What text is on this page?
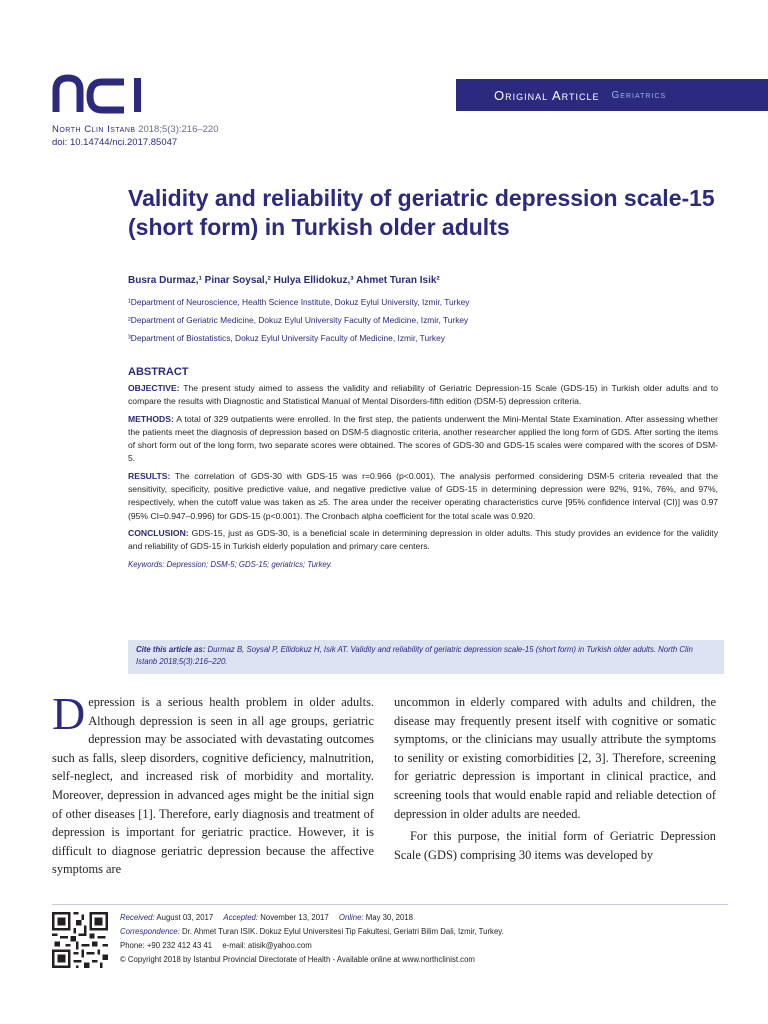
Original Article Geriatrics
North Clin Istanb 2018;5(3):216–220
doi: 10.14744/nci.2017.85047
Validity and reliability of geriatric depression scale-15 (short form) in Turkish older adults
Busra Durmaz,¹ Pinar Soysal,² Hulya Ellidokuz,³ Ahmet Turan Isik²
¹Department of Neuroscience, Health Science Institute, Dokuz Eylul University, Izmir, Turkey
²Department of Geriatric Medicine, Dokuz Eylul University Faculty of Medicine, Izmir, Turkey
³Department of Biostatistics, Dokuz Eylul University Faculty of Medicine, Izmir, Turkey
ABSTRACT

OBJECTIVE: The present study aimed to assess the validity and reliability of Geriatric Depression-15 Scale (GDS-15) in Turkish older adults and to compare the results with Diagnostic and Statistical Manual of Mental Disorders-fifth edition (DSM-5) depression criteria.

METHODS: A total of 329 outpatients were enrolled. In the first step, the patients underwent the Mini-Mental State Examination. After assessing whether the patients meet the diagnosis of depression based on DSM-5 diagnostic criteria, another researcher applied the long form of GDS. After sorting the items of short form out of the long form, two separate scores were obtained. The scores of GDS-30 and GDS-15 scales were compared with the scores of DSM-5.

RESULTS: The correlation of GDS-30 with GDS-15 was r=0.966 (p<0.001). The analysis performed considering DSM-5 criteria revealed that the sensitivity, specificity, positive predictive value, and negative predictive value of GDS-15 in determining depression were 92%, 91%, 76%, and 97%, respectively, when the cutoff value was taken as ≥5. The area under the receiver operating characteristics curve [95% confidence interval (CI)] was 0.97 (95% CI=0.947–0.996) for GDS-15 (p<0.001). The Cronbach alpha coefficient for the total scale was 0.920.

CONCLUSION: GDS-15, just as GDS-30, is a beneficial scale in determining depression in older adults. This study provides an evidence for the validity and reliability of GDS-15 in Turkish elderly population and primary care centers.

Keywords: Depression; DSM-5; GDS-15; geriatrics; Turkey.

Cite this article as: Durmaz B, Soysal P, Ellidokuz H, Isik AT. Validity and reliability of geriatric depression scale-15 (short form) in Turkish older adults. North Clin Istanb 2018;5(3):216–220.

Depression is a serious health problem in older adults. Although depression is seen in all age groups, geriatric depression may be associated with devastating outcomes such as falls, sleep disorders, cognitive deficiency, malnutrition, self-neglect, and increased risk of morbidity and mortality. Moreover, depression in advanced ages might be the initial sign of other diseases [1]. Therefore, early diagnosis and treatment of depression is important for geriatric practice. However, it is difficult to diagnose geriatric depression because the affective symptoms are

uncommon in elderly compared with adults and children, the disease may frequently present itself with cognitive or somatic symptoms, or the clinicians may usually attribute the symptoms to senility or existing comorbidities [2, 3]. Therefore, screening for geriatric depression is important in clinical practice, and screening tools that would enable rapid and reliable detection of depression in older adults are needed.

For this purpose, the initial form of Geriatric Depression Scale (GDS) comprising 30 items was developed by

Received: August 03, 2017 Accepted: November 13, 2017 Online: May 30, 2018
Correspondence: Dr. Ahmet Turan ISIK. Dokuz Eylul Universitesi Tip Fakultesi, Geriatri Bilim Dali, Izmir, Turkey.
Phone: +90 232 412 43 41 e-mail: atisik@yahoo.com
© Copyright 2018 by Istanbul Provincial Directorate of Health - Available online at www.northclinist.com
